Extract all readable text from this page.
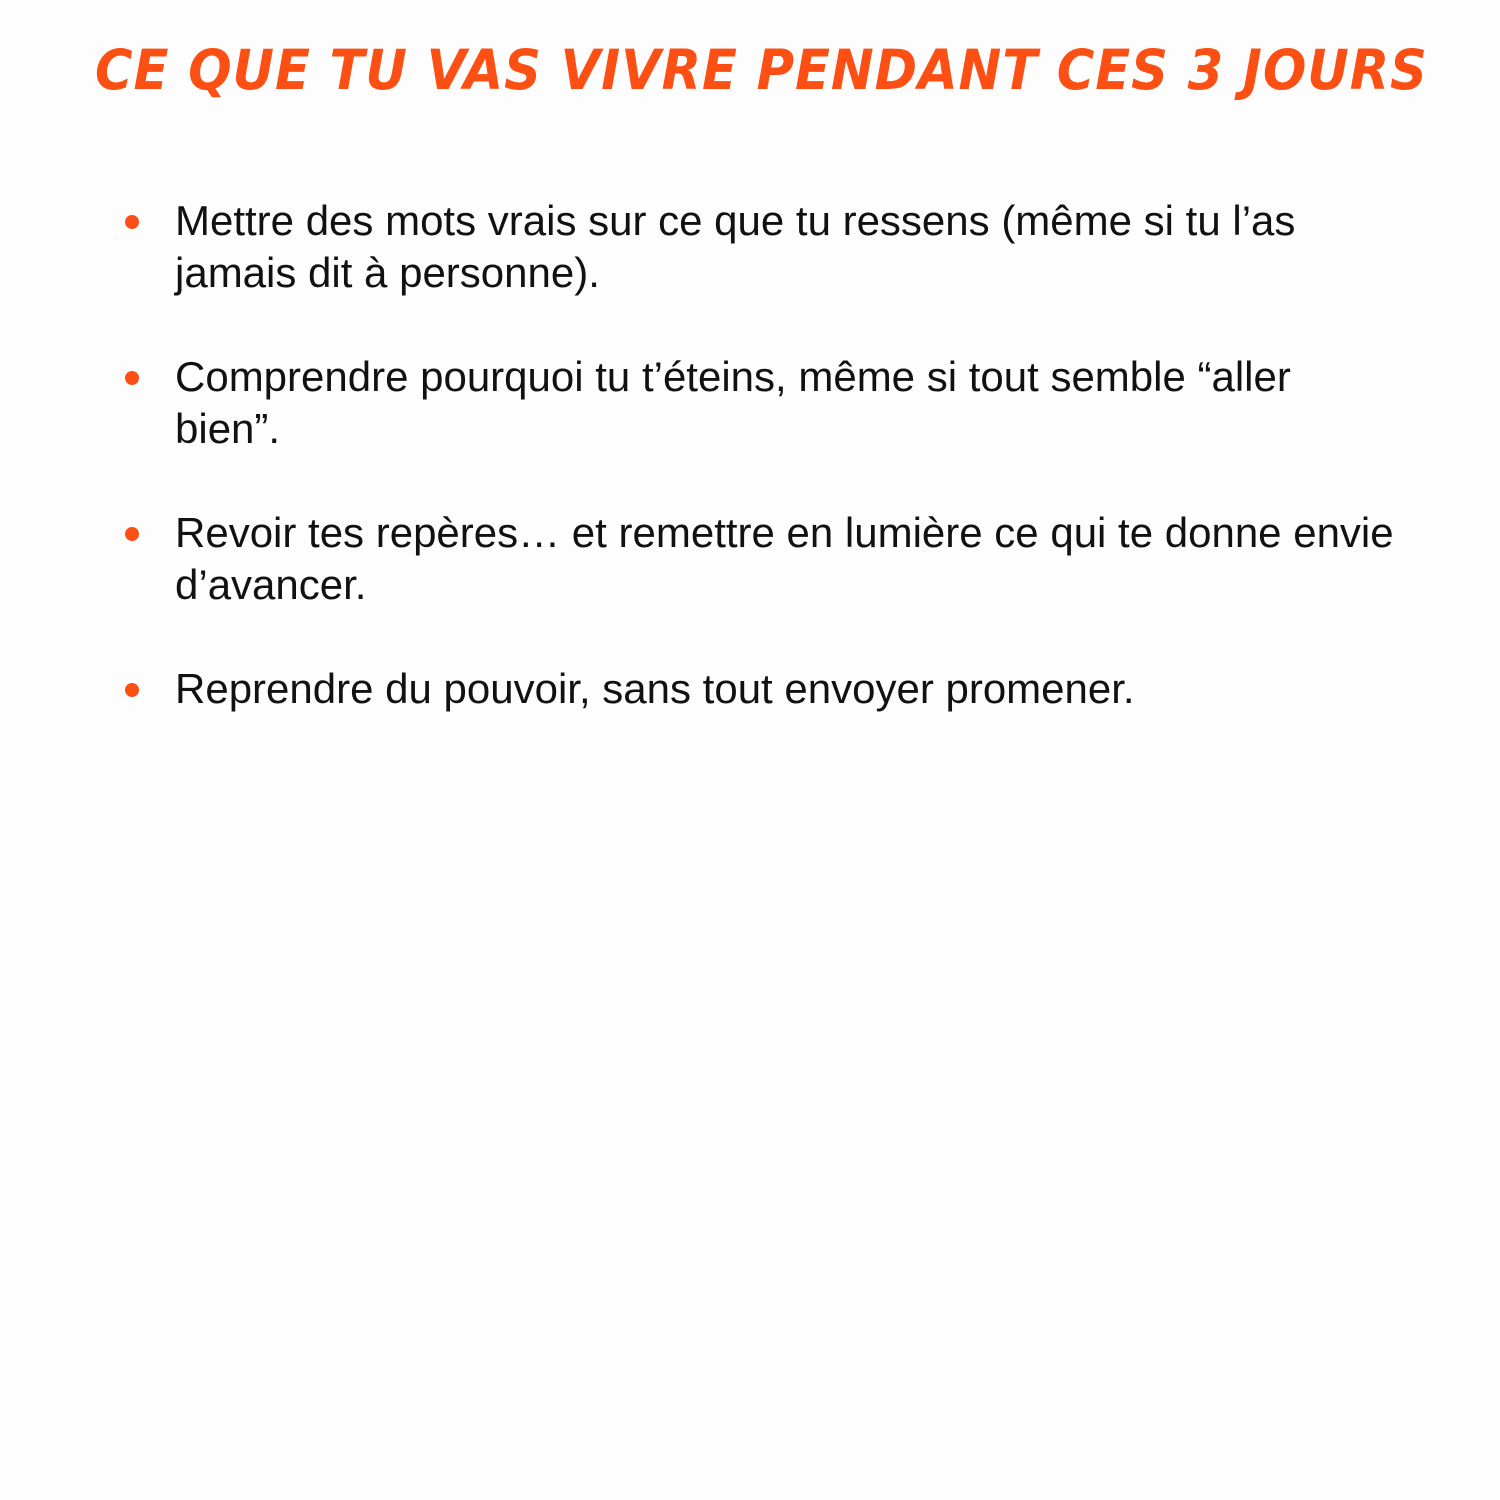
CE QUE TU VAS VIVRE PENDANT CES 3 JOURS
Mettre des mots vrais sur ce que tu ressens (même si tu l’as jamais dit à personne).
Comprendre pourquoi tu t’éteins, même si tout semble “aller bien”.
Revoir tes repères… et remettre en lumière ce qui te donne envie d’avancer.
Reprendre du pouvoir, sans tout envoyer promener.
